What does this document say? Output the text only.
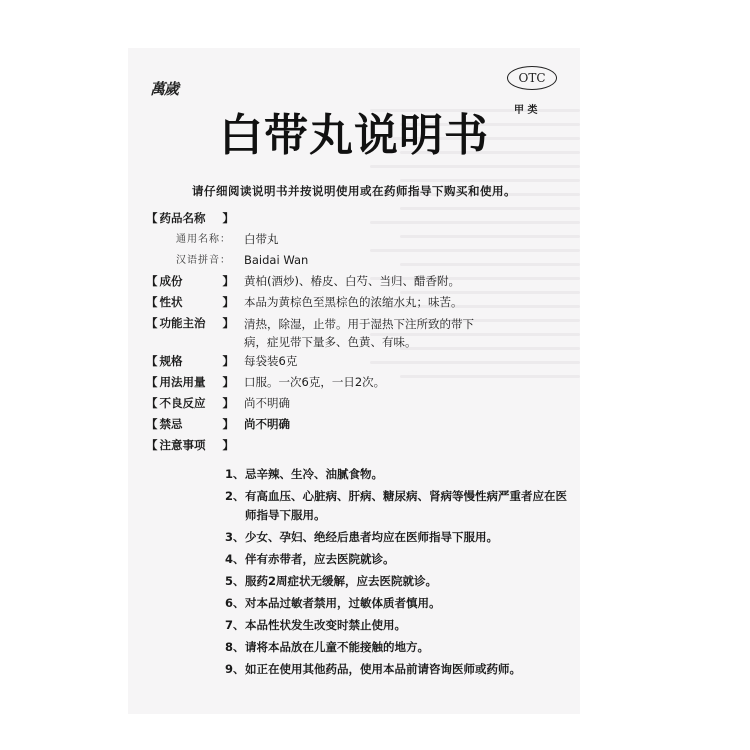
萬歲
OTC
甲 类
白带丸说明书
请仔细阅读说明书并按说明使用或在药师指导下购买和使用。
【 药品名称	】
通用名称：	白带丸
汉语拼音：	Baidai Wan
【 成份	】 黄柏(酒炒)、椿皮、白芍、当归、醋香附。
【 性状	】 本品为黄棕色至黑棕色的浓缩水丸；味苦。
【 功能主治	】 清热，除湿，止带。用于湿热下注所致的带下病，症见带下量多、色黄、有味。
【 规格	】 每袋装6克
【 用法用量	】 口服。一次6克，一日2次。
【 不良反应	】 尚不明确
【 禁忌	】 尚不明确
【 注意事项	】
1、 忌辛辣、生冷、油腻食物。
2、 有高血压、心脏病、肝病、糖尿病、肾病等慢性病严重者应在医师指导下服用。
3、 少女、孕妇、绝经后患者均应在医师指导下服用。
4、 伴有赤带者，应去医院就诊。
5、 服药2周症状无缓解，应去医院就诊。
6、 对本品过敏者禁用，过敏体质者慎用。
7、 本品性状发生改变时禁止使用。
8、 请将本品放在儿童不能接触的地方。
9、 如正在使用其他药品，使用本品前请咨询医师或药师。
